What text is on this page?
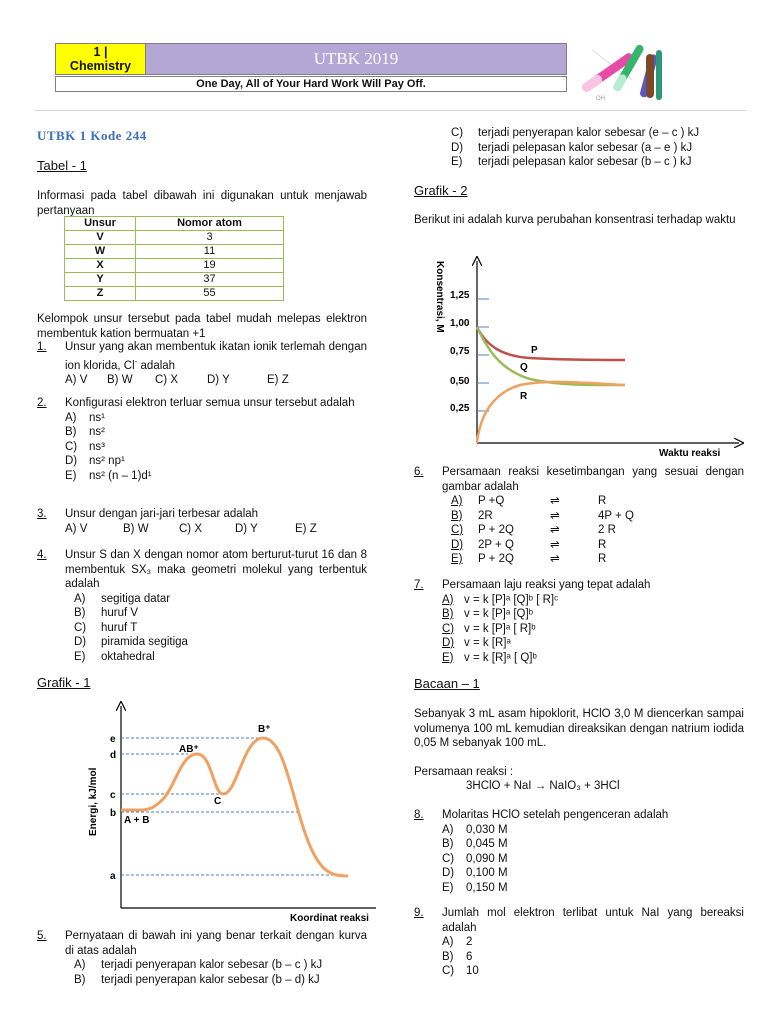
1 |
Chemistry	UTBK 2019
One Day, All of Your Hard Work Will Pay Off.
OH
UTBK 1 Kode 244
Tabel - 1
Informasi pada tabel dibawah ini digunakan untuk menjawab pertanyaan
Unsur	Nomor atom
V	3
W	11
X	19
Y	37
Z	55
Kelompok unsur tersebut pada tabel mudah melepas elektron membentuk kation bermuatan +1
1. Unsur yang akan membentuk ikatan ionik terlemah dengan ion klorida, Cl- adalah
A) V B) W C) X	D) Y	E) Z
2. Konfigurasi elektron terluar semua unsur tersebut adalah
A) ns¹
B) ns²
C) ns³
D) ns² np¹
E) ns² (n – 1)d¹
3. Unsur dengan jari-jari terbesar adalah
A) V	B) W	C) X	D) Y	E) Z
4. Unsur S dan X dengan nomor atom berturut-turut 16 dan 8 membentuk SX₃ maka geometri molekul yang terbentuk adalah
A) segitiga datar
B) huruf V
C) huruf T
D) piramida segitiga
E) oktahedral
Grafik - 1
e
d
c
b
a
AB⁺
B⁺
C
A + B
Koordinat reaksi
Energi, kJ/mol
5. Pernyataan di bawah ini yang benar terkait dengan kurva di atas adalah
A) terjadi penyerapan kalor sebesar (b – c ) kJ
B) terjadi penyerapan kalor sebesar (b – d) kJ
C) terjadi penyerapan kalor sebesar (e – c ) kJ
D) terjadi pelepasan kalor sebesar (a – e ) kJ
E) terjadi pelepasan kalor sebesar (b – c ) kJ
Grafik - 2
Berikut ini adalah kurva perubahan konsentrasi terhadap waktu
1,25
1,00
0,75
0,50
0,25
P
Q
R
Waktu reaksi
Konsentrasi, M
6. Persamaan reaksi kesetimbangan yang sesuai dengan gambar adalah
A) P +Q	⇌	R
B) 2R	⇌	4P + Q
C) P + 2Q	⇌	2 R
D) 2P + Q	⇌	R
E) P + 2Q	⇌	R
7. Persamaan laju reaksi yang tepat adalah
A) v = k [P]ᵃ [Q]ᵇ [ R]ᶜ
B) v = k [P]ᵃ [Q]ᵇ
C) v = k [P]ᵃ [ R]ᵇ
D) v = k [R]ᵃ
E) v = k [R]ᵃ [ Q]ᵇ
Bacaan – 1
Sebanyak 3 mL asam hipoklorit, HClO 3,0 M diencerkan sampai volumenya 100 mL kemudian direaksikan dengan natrium iodida 0,05 M sebanyak 100 mL.
Persamaan reaksi :
3HClO + NaI → NaIO₃ + 3HCl
8. Molaritas HClO setelah pengenceran adalah
A) 0,030 M
B) 0,045 M
C) 0,090 M
D) 0,100 M
E) 0,150 M
9. Jumlah mol elektron terlibat untuk NaI yang bereaksi adalah
A) 2
B) 6
C) 10
